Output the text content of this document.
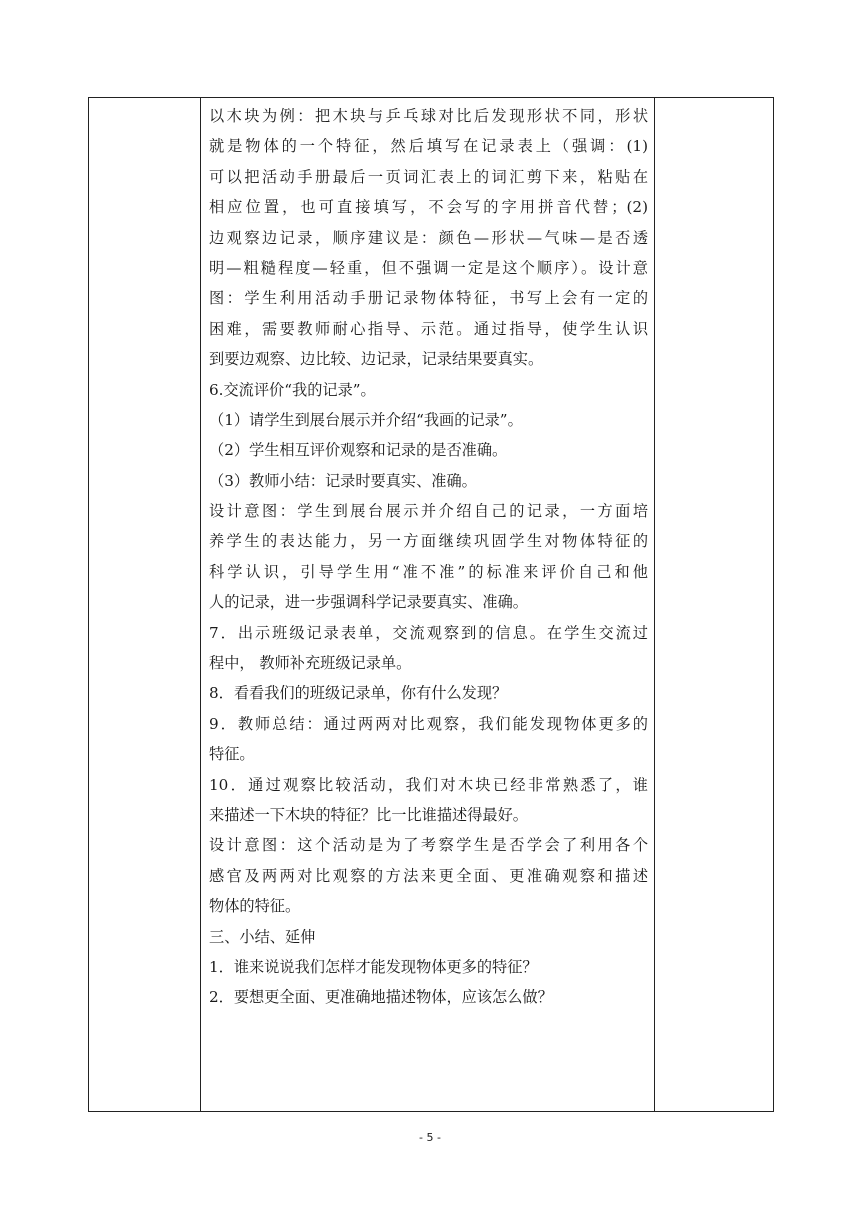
以木块为例：把木块与乒乓球对比后发现形状不同，形状
就是物体的一个特征，然后填写在记录表上（强调：(1)
可以把活动手册最后一页词汇表上的词汇剪下来，粘贴在
相应位置，也可直接填写，不会写的字用拼音代替；(2)
边观察边记录，顺序建议是：颜色—形状—气味—是否透
明—粗糙程度—轻重，但不强调一定是这个顺序）。设计意
图：学生利用活动手册记录物体特征，书写上会有一定的
困难，需要教师耐心指导、示范。通过指导，使学生认识
到要边观察、边比较、边记录，记录结果要真实。
6.交流评价“我的记录”。
（1）请学生到展台展示并介绍“我画的记录”。
（2）学生相互评价观察和记录的是否准确。
（3）教师小结：记录时要真实、准确。
设计意图：学生到展台展示并介绍自己的记录，一方面培
养学生的表达能力，另一方面继续巩固学生对物体特征的
科学认识，引导学生用“准不准”的标准来评价自己和他
人的记录，进一步强调科学记录要真实、准确。
7．出示班级记录表单，交流观察到的信息。在学生交流过
程中， 教师补充班级记录单。
8．看看我们的班级记录单，你有什么发现？
9．教师总结：通过两两对比观察，我们能发现物体更多的
特征。
10．通过观察比较活动，我们对木块已经非常熟悉了，谁
来描述一下木块的特征？比一比谁描述得最好。
设计意图：这个活动是为了考察学生是否学会了利用各个
感官及两两对比观察的方法来更全面、更准确观察和描述
物体的特征。
三、小结、延伸
1．谁来说说我们怎样才能发现物体更多的特征？
2．要想更全面、更准确地描述物体，应该怎么做？

- 5 -
